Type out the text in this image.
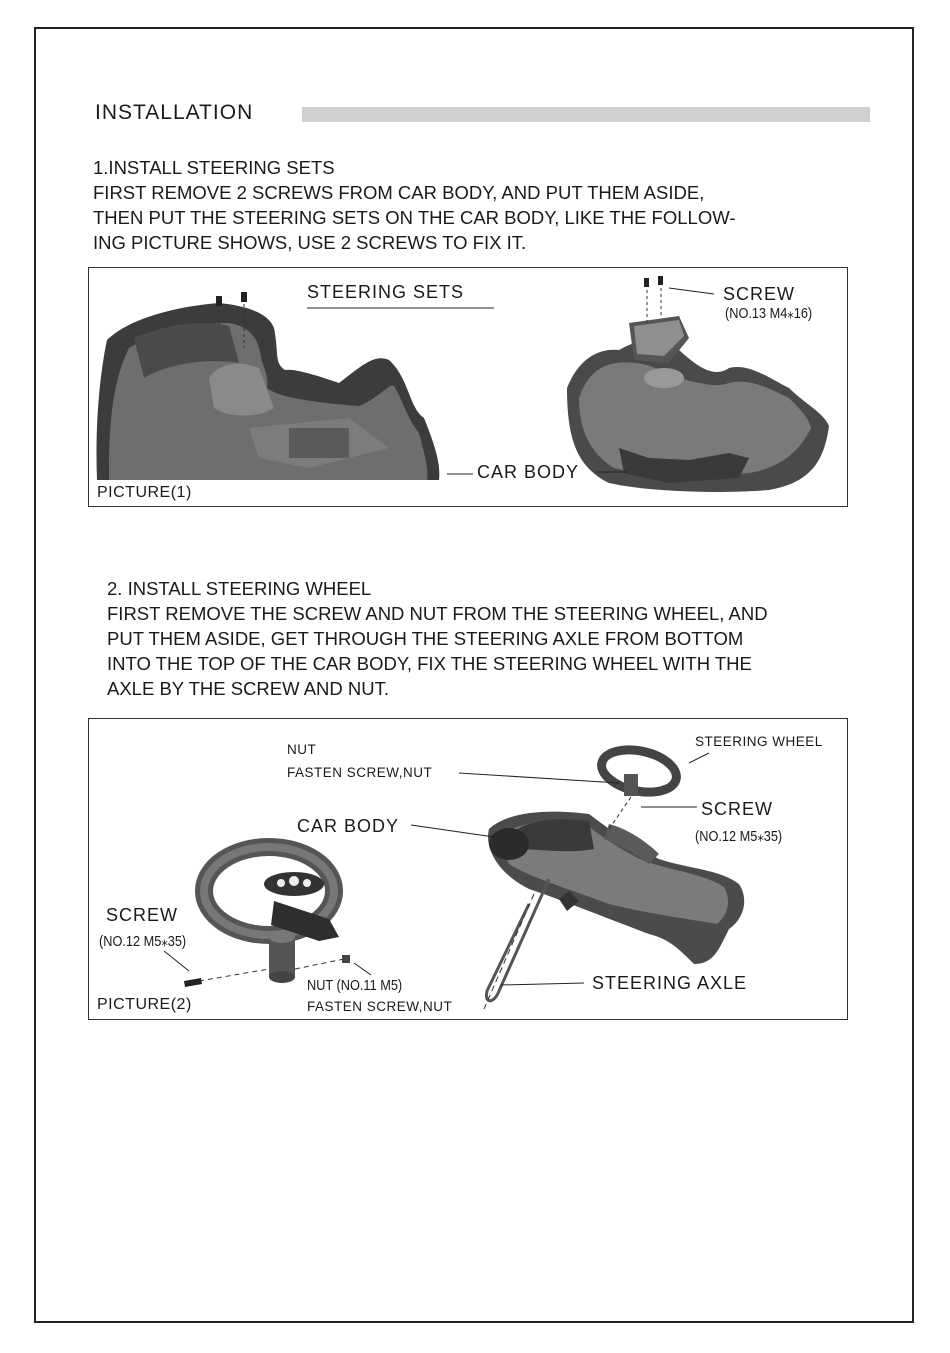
INSTALLATION
1.INSTALL STEERING SETS
FIRST REMOVE 2 SCREWS FROM CAR BODY, AND PUT THEM ASIDE,
THEN PUT THE STEERING SETS ON THE CAR BODY, LIKE THE FOLLOW-
ING PICTURE SHOWS, USE 2 SCREWS TO FIX IT.
STEERING SETS	SCREW
(NO.13 M4⁎16)
CAR BODY
PICTURE(1)
2. INSTALL STEERING WHEEL
FIRST REMOVE THE SCREW AND NUT FROM THE STEERING WHEEL, AND
PUT THEM ASIDE, GET THROUGH THE STEERING AXLE FROM BOTTOM
INTO THE TOP OF THE CAR BODY, FIX THE STEERING WHEEL WITH THE
AXLE BY THE SCREW AND NUT.
NUT
FASTEN SCREW,NUT
STEERING WHEEL
SCREW
(NO.12 M5⁎35)
CAR BODY
SCREW
(NO.12 M5⁎35)
NUT (NO.11 M5)
FASTEN SCREW,NUT
STEERING AXLE
PICTURE(2)
